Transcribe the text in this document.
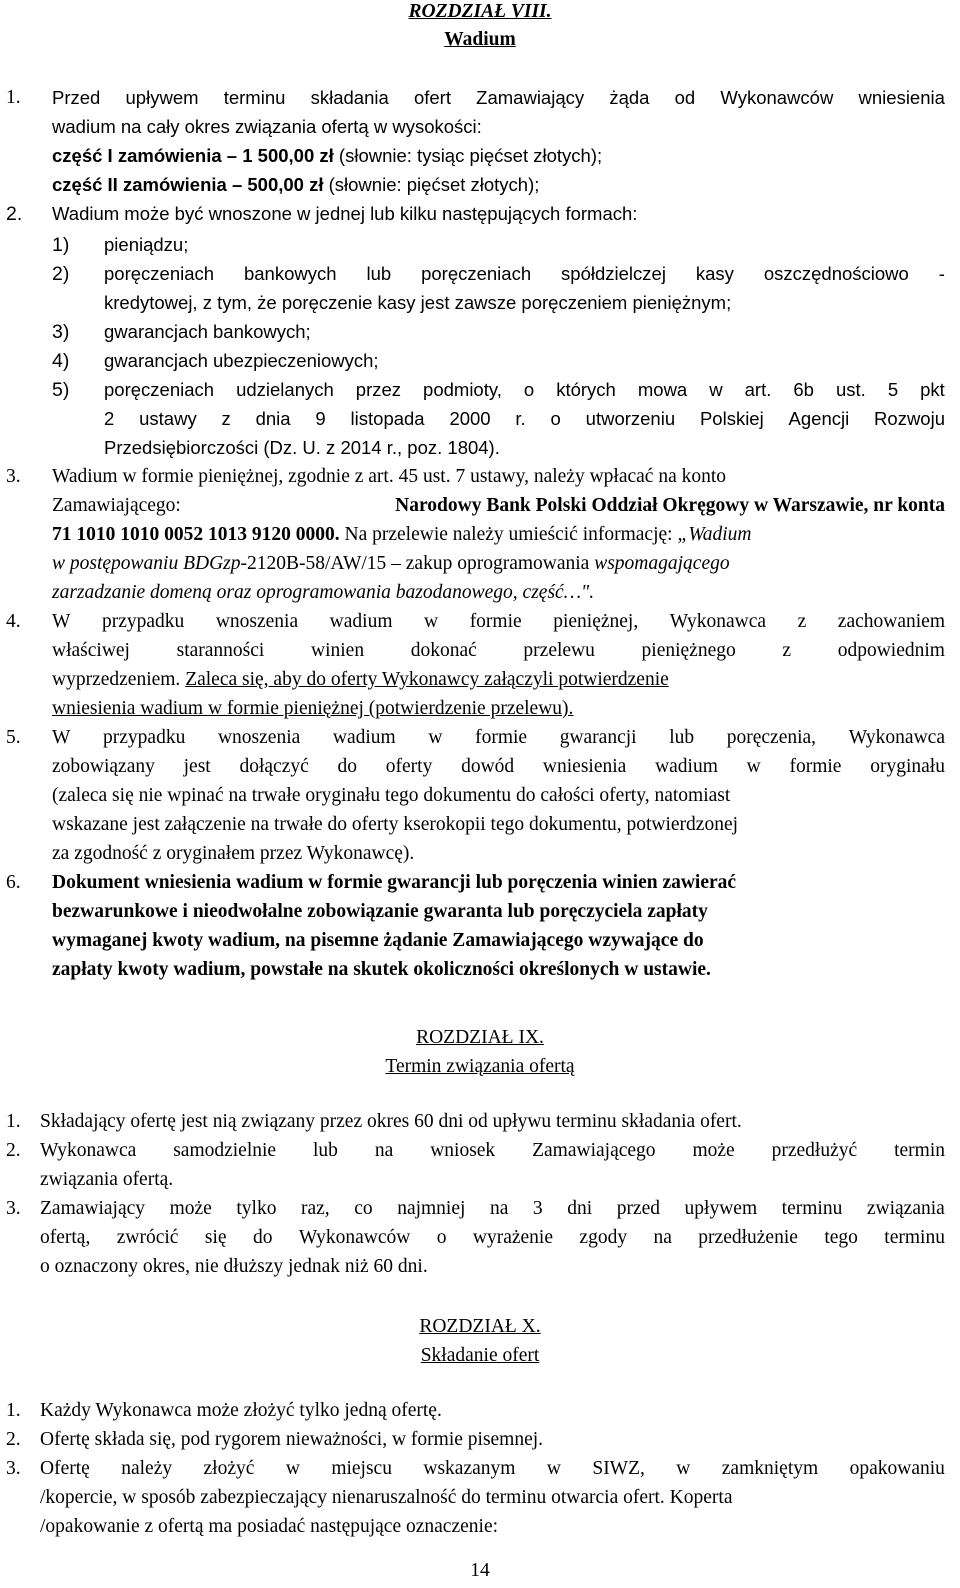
ROZDZIAŁ VIII.
Wadium
1. Przed upływem terminu składania ofert Zamawiający żąda od Wykonawców wniesienia
wadium na cały okres związania ofertą w wysokości:
część I zamówienia – 1 500,00 zł (słownie: tysiąc pięćset złotych);
część II zamówienia – 500,00 zł (słownie: pięćset złotych);
2. Wadium może być wnoszone w jednej lub kilku następujących formach:
1) pieniądzu;
2) poręczeniach bankowych lub poręczeniach spółdzielczej kasy oszczędnościowo -
kredytowej, z tym, że poręczenie kasy jest zawsze poręczeniem pieniężnym;
3) gwarancjach bankowych;
4) gwarancjach ubezpieczeniowych;
5) poręczeniach udzielanych przez podmioty, o których mowa w art. 6b ust. 5 pkt
2 ustawy z dnia 9 listopada 2000 r. o utworzeniu Polskiej Agencji Rozwoju
Przedsiębiorczości (Dz. U. z 2014 r., poz. 1804).
3. Wadium w formie pieniężnej, zgodnie z art. 45 ust. 7 ustawy, należy wpłacać na konto
Zamawiającego:	Narodowy Bank Polski Oddział Okręgowy w Warszawie, nr konta
71 1010 1010 0052 1013 9120 0000. Na przelewie należy umieścić informację: „Wadium
w postępowaniu BDGzp-2120B-58/AW/15 – zakup oprogramowania wspomagającego
zarzadzanie domeną oraz oprogramowania bazodanowego, część…".
4. W przypadku wnoszenia wadium w formie pieniężnej, Wykonawca z zachowaniem
właściwej staranności winien dokonać przelewu pieniężnego z odpowiednim
wyprzedzeniem. Zaleca się, aby do oferty Wykonawcy załączyli potwierdzenie
wniesienia wadium w formie pieniężnej (potwierdzenie przelewu).
5. W przypadku wnoszenia wadium w formie gwarancji lub poręczenia, Wykonawca
zobowiązany jest dołączyć do oferty dowód wniesienia wadium w formie oryginału
(zaleca się nie wpinać na trwałe oryginału tego dokumentu do całości oferty, natomiast
wskazane jest załączenie na trwałe do oferty kserokopii tego dokumentu, potwierdzonej
za zgodność z oryginałem przez Wykonawcę).
6. Dokument wniesienia wadium w formie gwarancji lub poręczenia winien zawierać
bezwarunkowe i nieodwołalne zobowiązanie gwaranta lub poręczyciela zapłaty
wymaganej kwoty wadium, na pisemne żądanie Zamawiającego wzywające do
zapłaty kwoty wadium, powstałe na skutek okoliczności określonych w ustawie.
ROZDZIAŁ IX.
Termin związania ofertą
1. Składający ofertę jest nią związany przez okres 60 dni od upływu terminu składania ofert.
2. Wykonawca samodzielnie lub na wniosek Zamawiającego może przedłużyć termin
związania ofertą.
3. Zamawiający może tylko raz, co najmniej na 3 dni przed upływem terminu związania
ofertą, zwrócić się do Wykonawców o wyrażenie zgody na przedłużenie tego terminu
o oznaczony okres, nie dłuższy jednak niż 60 dni.
ROZDZIAŁ X.
Składanie ofert
1. Każdy Wykonawca może złożyć tylko jedną ofertę.
2. Ofertę składa się, pod rygorem nieważności, w formie pisemnej.
3. Ofertę należy złożyć w miejscu wskazanym w SIWZ, w zamkniętym opakowaniu
/kopercie, w sposób zabezpieczający nienaruszalność do terminu otwarcia ofert. Koperta
/opakowanie z ofertą ma posiadać następujące oznaczenie:
14
